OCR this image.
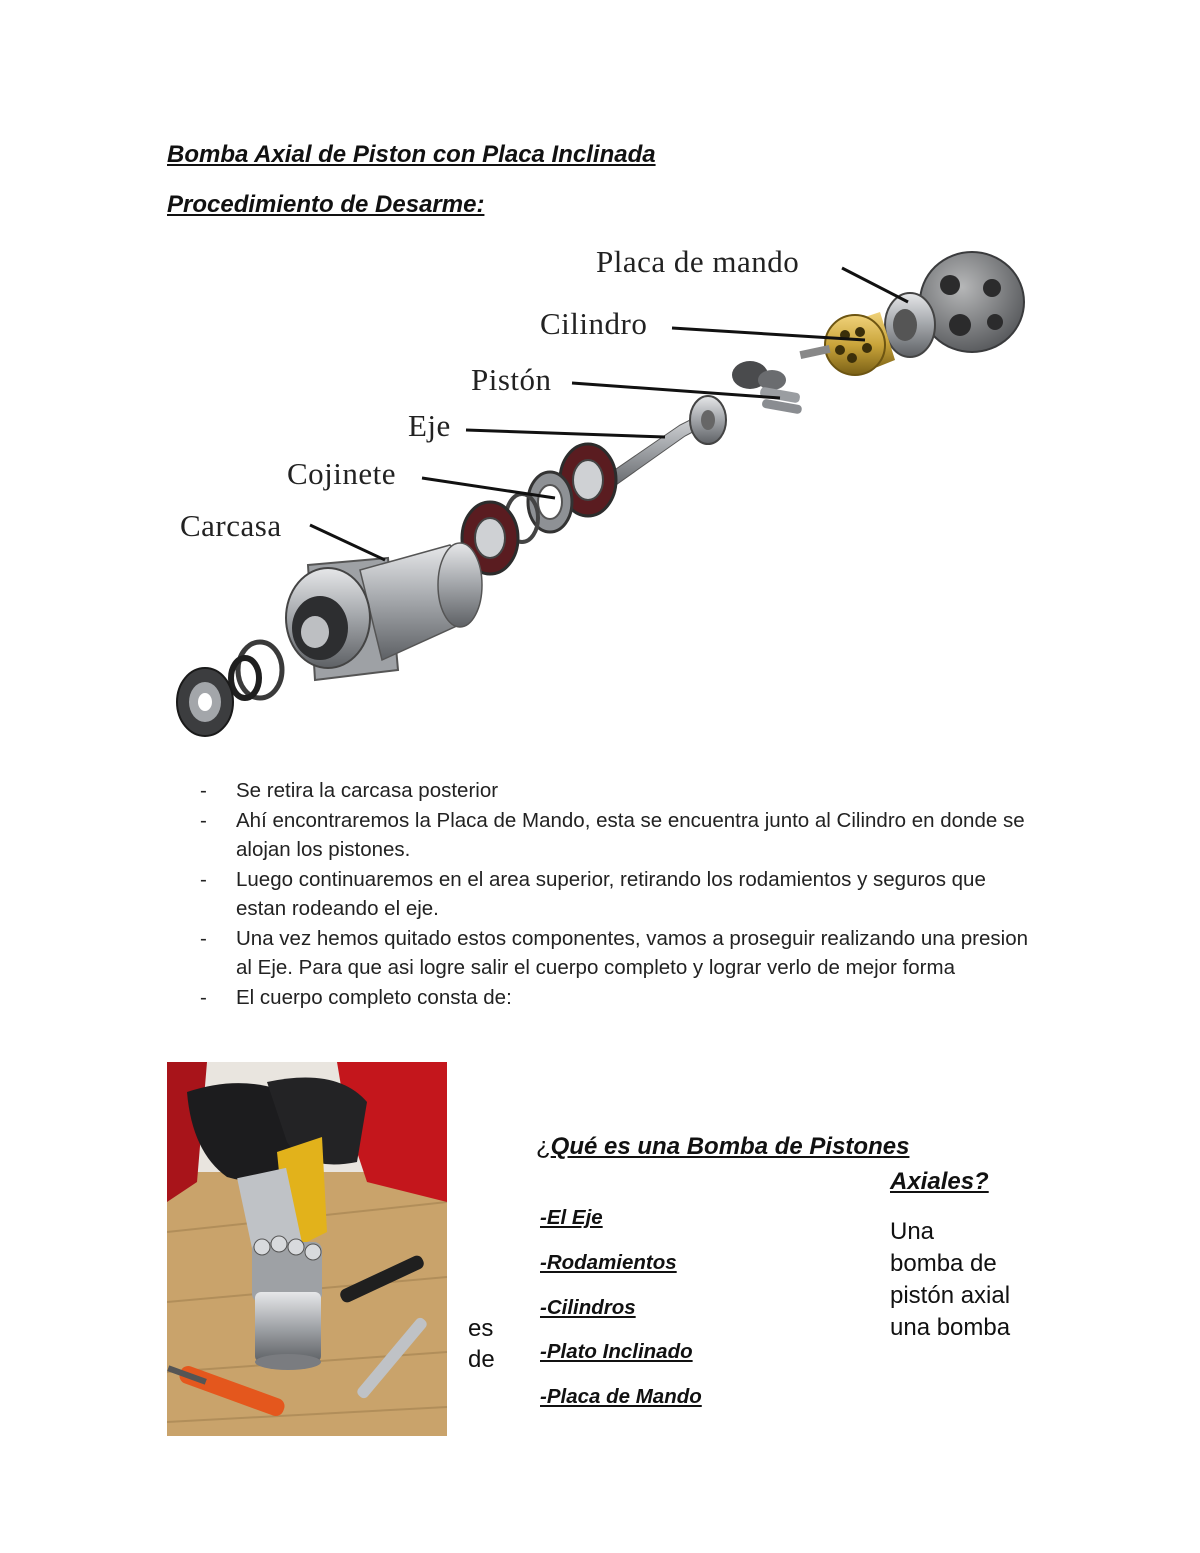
Bomba Axial de Piston con Placa Inclinada
Procedimiento de Desarme:
Placa de mando
Cilindro
Pistón
Eje
Cojinete
Carcasa
-	Se retira la carcasa posterior
-	Ahí encontraremos la Placa de Mando, esta se encuentra junto al Cilindro en donde se alojan los pistones.
-	Luego continuaremos en el area superior, retirando los rodamientos y seguros que estan rodeando el eje.
-	Una vez hemos quitado estos componentes, vamos a proseguir realizando una presion al Eje. Para que asi logre salir el cuerpo completo y lograr verlo de mejor forma
-	El cuerpo completo consta de:
es
de
¿Qué es una Bomba de Pistones
Axiales?
-El Eje
-Rodamientos
-Cilindros
-Plato Inclinado
-Placa de Mando
Una
bomba de
pistón axial
una bomba
